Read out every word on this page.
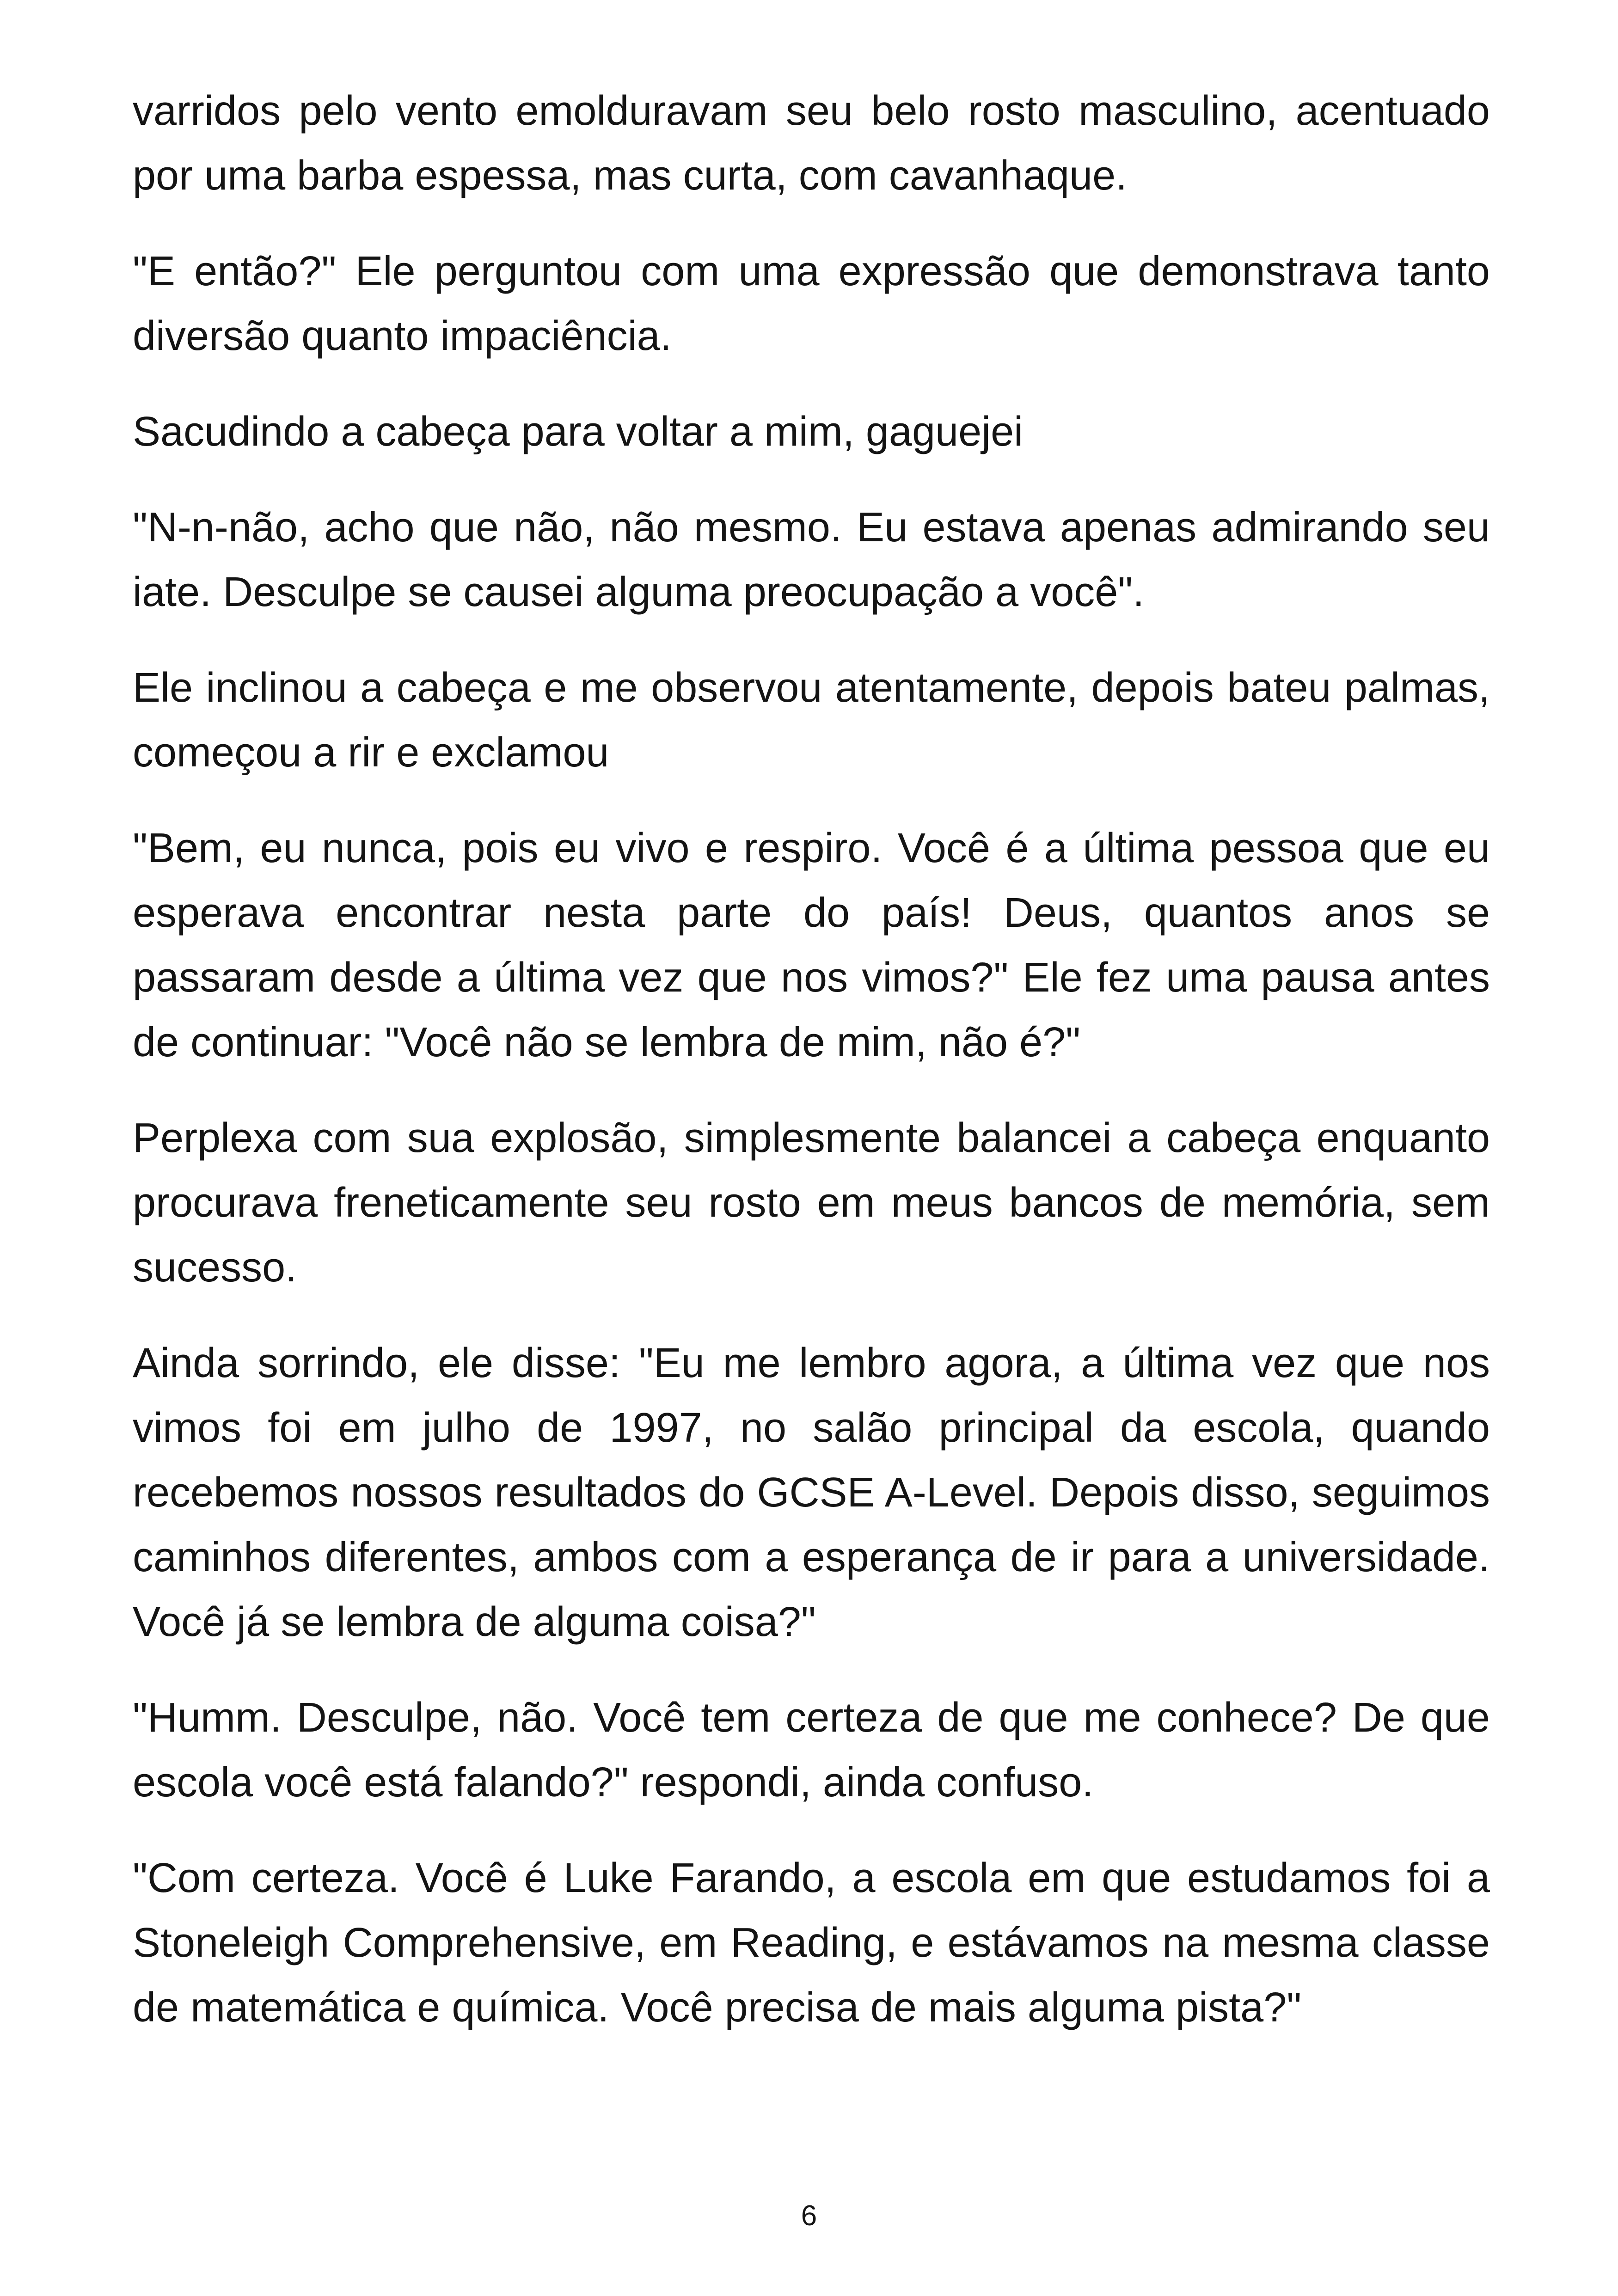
varridos pelo vento emolduravam seu belo rosto masculino, acentuado por uma barba espessa, mas curta, com cavanhaque.

"E então?" Ele perguntou com uma expressão que demonstrava tanto diversão quanto impaciência.

Sacudindo a cabeça para voltar a mim, gaguejei

"N-n-não, acho que não, não mesmo. Eu estava apenas admirando seu iate. Desculpe se causei alguma preocupação a você".

Ele inclinou a cabeça e me observou atentamente, depois bateu palmas, começou a rir e exclamou

"Bem, eu nunca, pois eu vivo e respiro. Você é a última pessoa que eu esperava encontrar nesta parte do país! Deus, quantos anos se passaram desde a última vez que nos vimos?" Ele fez uma pausa antes de continuar: "Você não se lembra de mim, não é?"

Perplexa com sua explosão, simplesmente balancei a cabeça enquanto procurava freneticamente seu rosto em meus bancos de memória, sem sucesso.

Ainda sorrindo, ele disse: "Eu me lembro agora, a última vez que nos vimos foi em julho de 1997, no salão principal da escola, quando recebemos nossos resultados do GCSE A-Level. Depois disso, seguimos caminhos diferentes, ambos com a esperança de ir para a universidade. Você já se lembra de alguma coisa?"

"Humm. Desculpe, não. Você tem certeza de que me conhece? De que escola você está falando?" respondi, ainda confuso.

"Com certeza. Você é Luke Farando, a escola em que estudamos foi a Stoneleigh Comprehensive, em Reading, e estávamos na mesma classe de matemática e química. Você precisa de mais alguma pista?"

6
